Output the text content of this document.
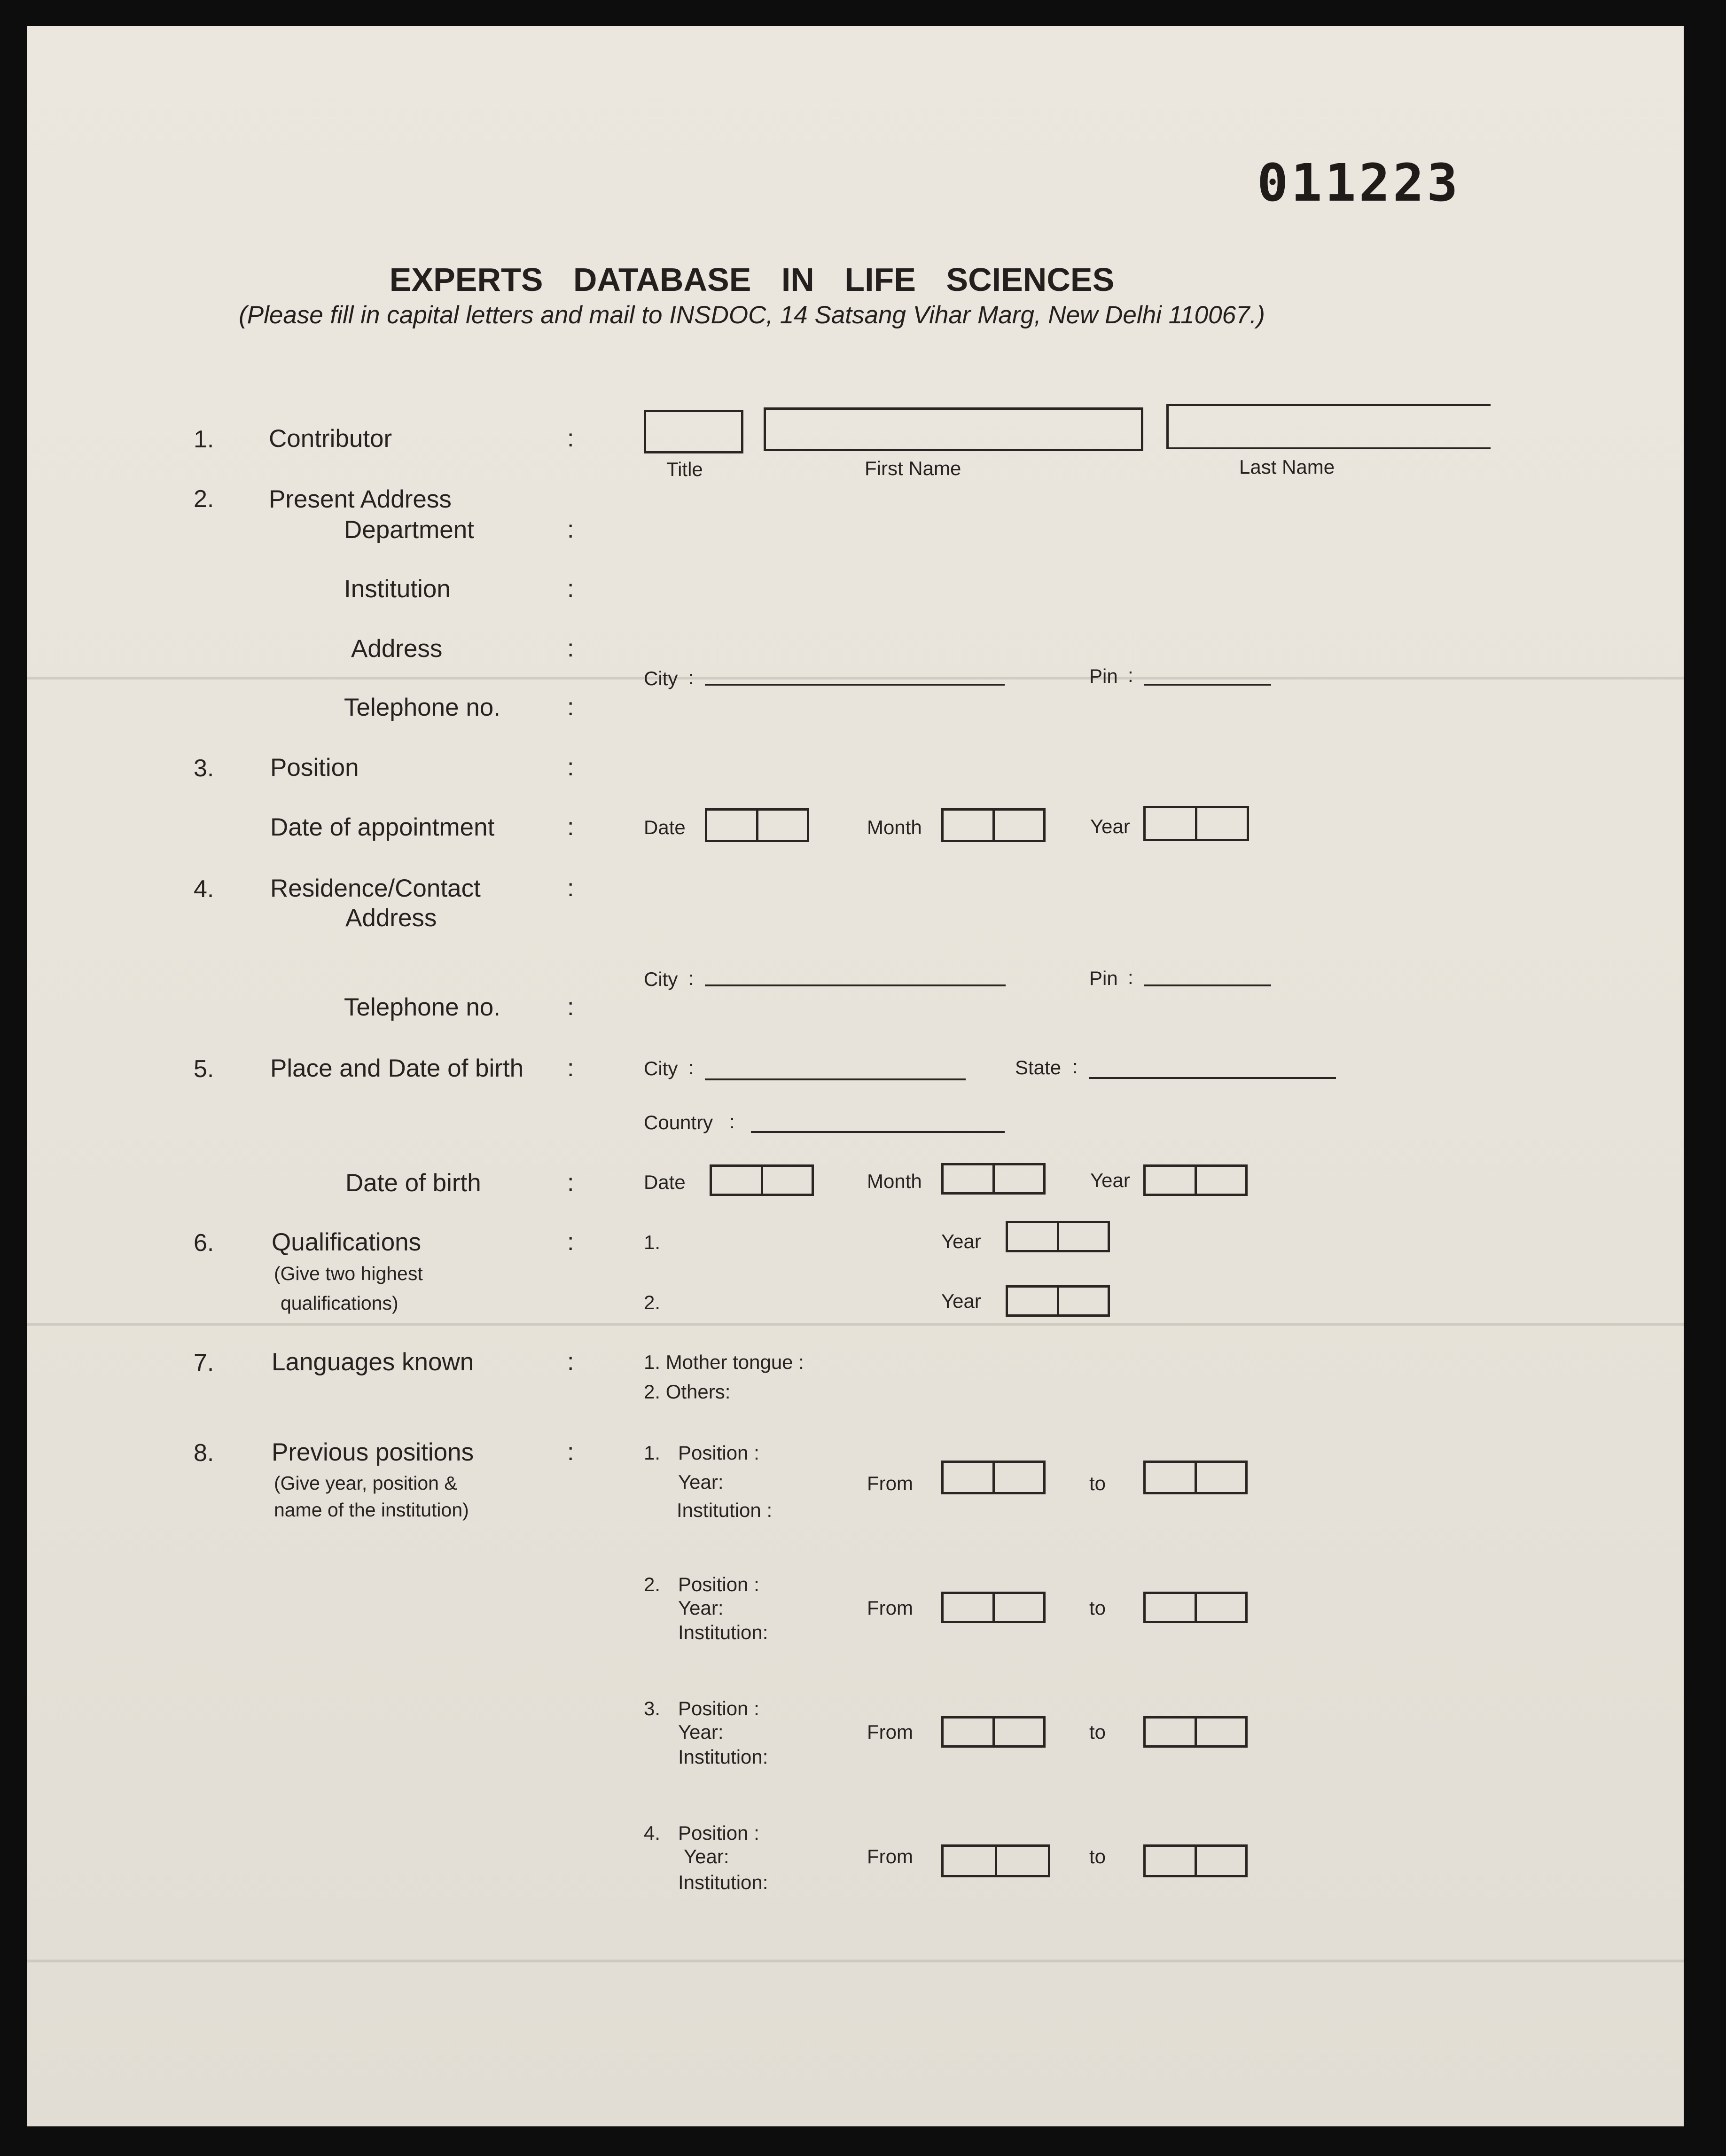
011223
EXPERTS DATABASE IN LIFE SCIENCES
(Please fill in capital letters and mail to INSDOC, 14 Satsang Vihar Marg, New Delhi 110067.)
1. Contributor	:
Title	First Name	Last Name
2. Present Address
Department	:
Institution	:
Address	:
City :	Pin :
Telephone no.	:
3. Position	:
Date of appointment	:	Date	Month	Year
4. Residence/Contact	:
Address
City :	Pin :
Telephone no.	:
5. Place and Date of birth :	City :	State :
Country :
Date of birth	:	Date	Month	Year
6. Qualifications	:
(Give two highest
qualifications)
1.	Year
2.	Year
7. Languages known	:	1. Mother tongue :
2. Others:
8. Previous positions	:
(Give year, position &
name of the institution)
1. Position :
Year:
Institution :
From	to
2. Position :
Year:
Institution:
From	to
3. Position :
Year:
Institution:
From	to
4. Position :
Year:
Institution:
From	to
